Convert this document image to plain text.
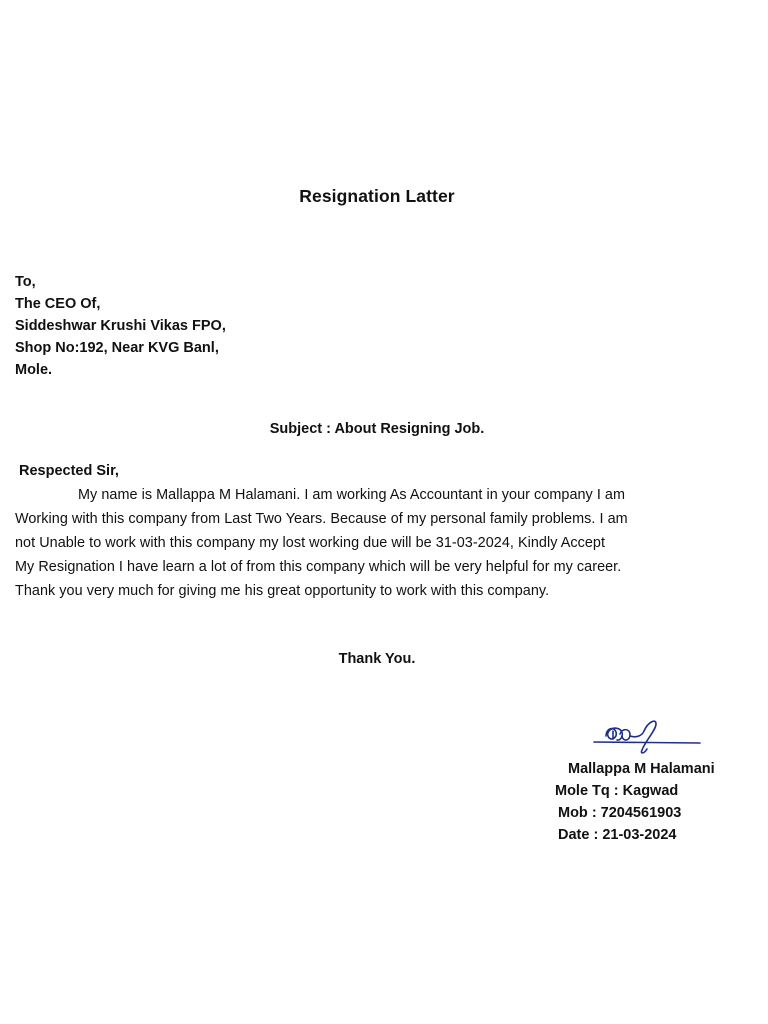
Resignation Latter
To,
The CEO Of,
Siddeshwar Krushi Vikas FPO,
Shop No:192, Near KVG Banl,
Mole.
Subject : About Resigning Job.
Respected Sir,
My name is Mallappa M Halamani. I am working As Accountant in your company I am
Working with this company from Last Two Years. Because of my personal family problems. I am
not Unable to work with this company my lost working due will be 31-03-2024, Kindly Accept
My Resignation I have learn a lot of from this company which will be very helpful for my career.
Thank you very much for giving me his great opportunity to work with this company.
Thank You.
Mallappa M Halamani
Mole Tq : Kagwad
Mob : 7204561903
Date : 21-03-2024
